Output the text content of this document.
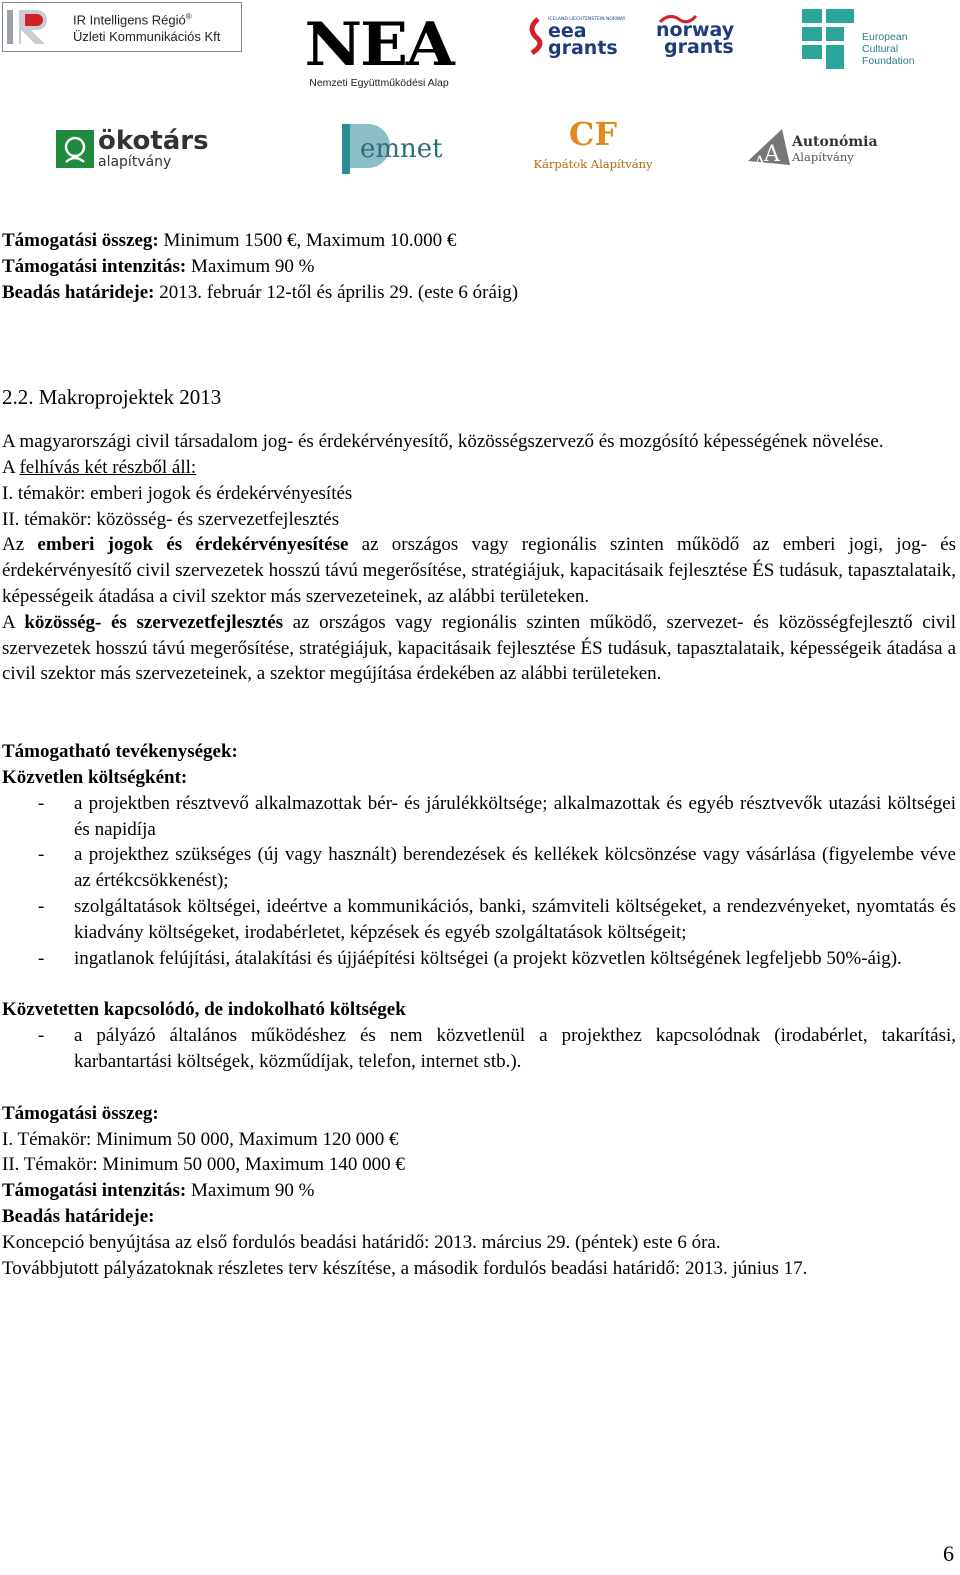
IR Intelligens Régió®
Üzleti Kommunikációs Kft NEA
Nemzeti Együttműködési Alap
ICELAND LIECHTENSTEIN NORWAY
eea
grants
norway
grants	European
Cultural
Foundation
ökotárs
alapítvány	emnet	CF
Kárpátok Alapítvány	A
A Autonómia
Alapítvány

Támogatási összeg: Minimum 1500 €, Maximum 10.000 €

Támogatási intenzitás: Maximum 90 %

Beadás határideje: 2013. február 12-től és április 29. (este 6 óráig)

2.2. Makroprojektek 2013

A magyarországi civil társadalom jog- és érdekérvényesítő, közösségszervező és mozgósító képességének növelése.

A felhívás két részből áll:

I. témakör: emberi jogok és érdekérvényesítés

II. témakör: közösség- és szervezetfejlesztés

Az emberi jogok és érdekérvényesítése az országos vagy regionális szinten működő az emberi jogi, jog- és érdekérvényesítő civil szervezetek hosszú távú megerősítése, stratégiájuk, kapacitásaik fejlesztése ÉS tudásuk, tapasztalataik, képességeik átadása a civil szektor más szervezeteinek, az alábbi területeken.

A közösség- és szervezetfejlesztés az országos vagy regionális szinten működő, szervezet- és közösségfejlesztő civil szervezetek hosszú távú megerősítése, stratégiájuk, kapacitásaik fejlesztése ÉS tudásuk, tapasztalataik, képességeik átadása a civil szektor más szervezeteinek, a szektor megújítása érdekében az alábbi területeken.

Támogatható tevékenységek:

Közvetlen költségként:

- a projektben résztvevő alkalmazottak bér- és járulékköltsége; alkalmazottak és egyéb résztvevők utazási költségei és napidíja
- a projekthez szükséges (új vagy használt) berendezések és kellékek kölcsönzése vagy vásárlása (figyelembe véve az értékcsökkenést);
- szolgáltatások költségei, ideértve a kommunikációs, banki, számviteli költségeket, a rendezvényeket, nyomtatás és kiadvány költségeket, irodabérletet, képzések és egyéb szolgáltatások költségeit;
- ingatlanok felújítási, átalakítási és újjáépítési költségei (a projekt közvetlen költségének legfeljebb 50%-áig).

Közvetetten kapcsolódó, de indokolható költségek

- a pályázó általános működéshez és nem közvetlenül a projekthez kapcsolódnak (irodabérlet, takarítási, karbantartási költségek, közműdíjak, telefon, internet stb.).

Támogatási összeg:

I. Témakör: Minimum 50 000, Maximum 120 000 €

II. Témakör: Minimum 50 000, Maximum 140 000 €

Támogatási intenzitás: Maximum 90 %

Beadás határideje:

Koncepció benyújtása az első fordulós beadási határidő: 2013. március 29. (péntek) este 6 óra.

Továbbjutott pályázatoknak részletes terv készítése, a második fordulós beadási határidő: 2013. június 17.

6
